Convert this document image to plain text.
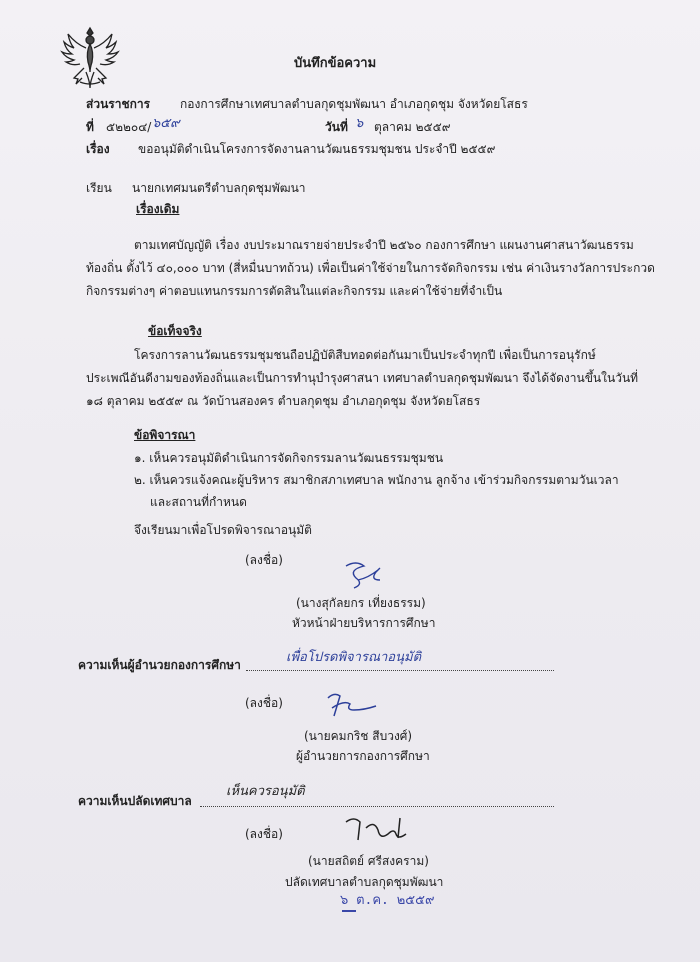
บันทึกข้อความ
ส่วนราชการ กองการศึกษาเทศบาลตำบลกุดชุมพัฒนา อำเภอกุดชุม จังหวัดยโสธร
ที่ ๕๒๒๐๔/ ๖๕๙	วันที่ ๖ ตุลาคม ๒๕๕๙
เรื่อง ขออนุมัติดำเนินโครงการจัดงานลานวัฒนธรรมชุมชน ประจำปี ๒๕๕๙
เรียน นายกเทศมนตรีตำบลกุดชุมพัฒนา
เรื่องเดิม
ตามเทศบัญญัติ เรื่อง งบประมาณรายจ่ายประจำปี ๒๕๖๐ กองการศึกษา แผนงานศาสนาวัฒนธรรม
ท้องถิ่น ตั้งไว้ ๔๐,๐๐๐ บาท (สี่หมื่นบาทถ้วน) เพื่อเป็นค่าใช้จ่ายในการจัดกิจกรรม เช่น ค่าเงินรางวัลการประกวด
กิจกรรมต่างๆ ค่าตอบแทนกรรมการตัดสินในแต่ละกิจกรรม และค่าใช้จ่ายที่จำเป็น
ข้อเท็จจริง
โครงการลานวัฒนธรรมชุมชนถือปฏิบัติสืบทอดต่อกันมาเป็นประจำทุกปี เพื่อเป็นการอนุรักษ์
ประเพณีอันดีงามของท้องถิ่นและเป็นการทำนุบำรุงศาสนา เทศบาลตำบลกุดชุมพัฒนา จึงได้จัดงานขึ้นในวันที่
๑๘ ตุลาคม ๒๕๕๙ ณ วัดบ้านสองคร ตำบลกุดชุม อำเภอกุดชุม จังหวัดยโสธร
ข้อพิจารณา
๑. เห็นควรอนุมัติดำเนินการจัดกิจกรรมลานวัฒนธรรมชุมชน
๒. เห็นควรแจ้งคณะผู้บริหาร สมาชิกสภาเทศบาล พนักงาน ลูกจ้าง เข้าร่วมกิจกรรมตามวันเวลา
และสถานที่กำหนด
จึงเรียนมาเพื่อโปรดพิจารณาอนุมัติ
(ลงชื่อ)
(นางสุกัลยกร เที่ยงธรรม)
หัวหน้าฝ่ายบริหารการศึกษา
ความเห็นผู้อำนวยกองการศึกษา	เพื่อโปรดพิจารณาอนุมัติ
(ลงชื่อ)
(นายคมกริช สีบวงศ์)
ผู้อำนวยการกองการศึกษา
ความเห็นปลัดเทศบาล
เห็นควรอนุมัติ
(ลงชื่อ)
(นายสถิตย์ ศรีสงคราม)
ปลัดเทศบาลตำบลกุดชุมพัฒนา
๖ ต.ค. ๒๕๕๙
